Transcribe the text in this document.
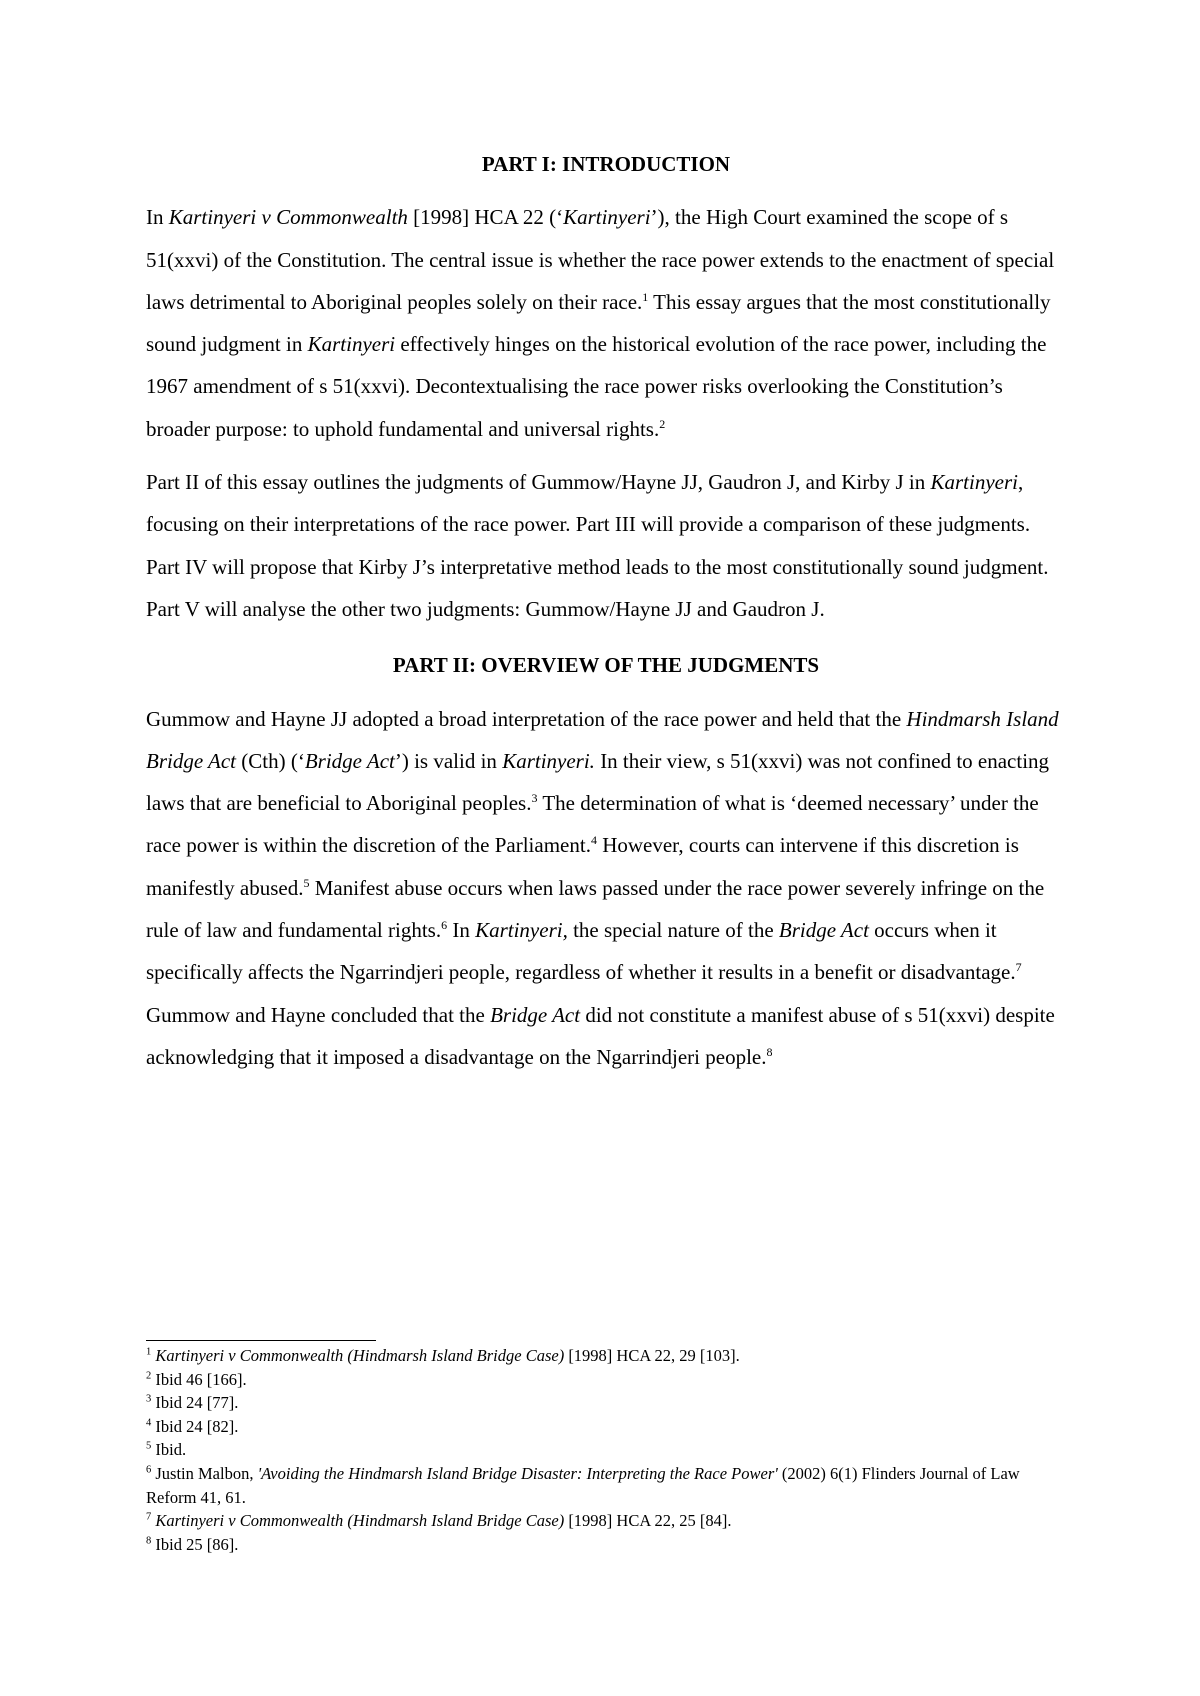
PART I: INTRODUCTION

In Kartinyeri v Commonwealth [1998] HCA 22 (‘Kartinyeri’), the High Court examined the scope of s 51(xxvi) of the Constitution. The central issue is whether the race power extends to the enactment of special laws detrimental to Aboriginal peoples solely on their race.$^1$ This essay argues that the most constitutionally sound judgment in Kartinyeri effectively hinges on the historical evolution of the race power, including the 1967 amendment of s 51(xxvi). Decontextualising the race power risks overlooking the Constitution’s broader purpose: to uphold fundamental and universal rights.$^2$

Part II of this essay outlines the judgments of Gummow/Hayne JJ, Gaudron J, and Kirby J in Kartinyeri, focusing on their interpretations of the race power. Part III will provide a comparison of these judgments. Part IV will propose that Kirby J’s interpretative method leads to the most constitutionally sound judgment. Part V will analyse the other two judgments: Gummow/Hayne JJ and Gaudron J.

PART II: OVERVIEW OF THE JUDGMENTS

Gummow and Hayne JJ adopted a broad interpretation of the race power and held that the Hindmarsh Island Bridge Act (Cth) (‘Bridge Act’) is valid in Kartinyeri. In their view, s 51(xxvi) was not confined to enacting laws that are beneficial to Aboriginal peoples.$^3$ The determination of what is ‘deemed necessary’ under the race power is within the discretion of the Parliament.$^4$ However, courts can intervene if this discretion is manifestly abused.$^5$ Manifest abuse occurs when laws passed under the race power severely infringe on the rule of law and fundamental rights.$^6$ In Kartinyeri, the special nature of the Bridge Act occurs when it specifically affects the Ngarrindjeri people, regardless of whether it results in a benefit or disadvantage.$^7$ Gummow and Hayne concluded that the Bridge Act did not constitute a manifest abuse of s 51(xxvi) despite acknowledging that it imposed a disadvantage on the Ngarrindjeri people.$^8$

$^1$ Kartinyeri v Commonwealth (Hindmarsh Island Bridge Case) [1998] HCA 22, 29 [103].

$^2$ Ibid 46 [166].

$^3$ Ibid 24 [77].

$^4$ Ibid 24 [82].

$^5$ Ibid.

$^6$ Justin Malbon, 'Avoiding the Hindmarsh Island Bridge Disaster: Interpreting the Race Power' (2002) 6(1) Flinders Journal of Law Reform 41, 61.

$^7$ Kartinyeri v Commonwealth (Hindmarsh Island Bridge Case) [1998] HCA 22, 25 [84].

$^8$ Ibid 25 [86].
